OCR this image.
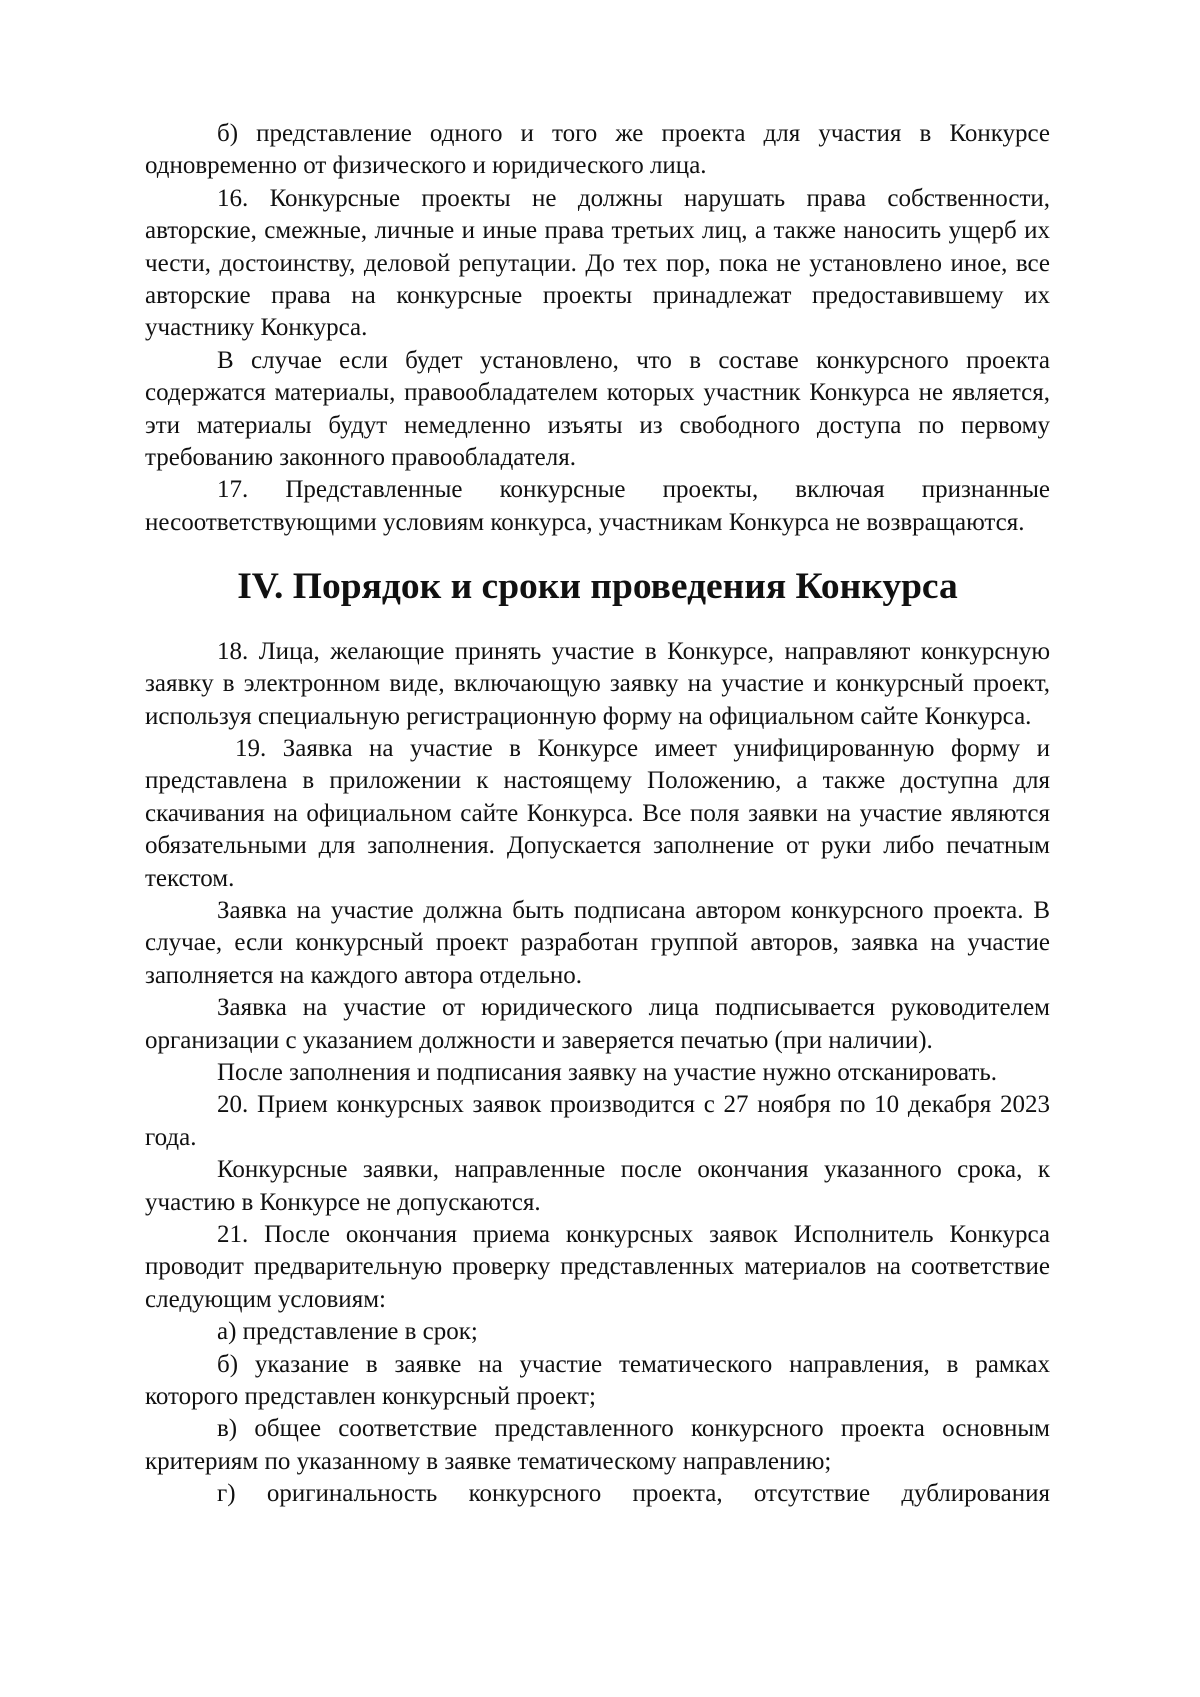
б) представление одного и того же проекта для участия в Конкурсе одновременно от физического и юридического лица.

16. Конкурсные проекты не должны нарушать права собственности, авторские, смежные, личные и иные права третьих лиц, а также наносить ущерб их чести, достоинству, деловой репутации. До тех пор, пока не установлено иное, все авторские права на конкурсные проекты принадлежат предоставившему их участнику Конкурса.

В случае если будет установлено, что в составе конкурсного проекта содержатся материалы, правообладателем которых участник Конкурса не является, эти материалы будут немедленно изъяты из свободного доступа по первому требованию законного правообладателя.

17. Представленные конкурсные проекты, включая признанные несоответствующими условиям конкурса, участникам Конкурса не возвращаются.

IV. Порядок и сроки проведения Конкурса

18. Лица, желающие принять участие в Конкурсе, направляют конкурсную заявку в электронном виде, включающую заявку на участие и конкурсный проект, используя специальную регистрационную форму на официальном сайте Конкурса.

19. Заявка на участие в Конкурсе имеет унифицированную форму и представлена в приложении к настоящему Положению, а также доступна для скачивания на официальном сайте Конкурса. Все поля заявки на участие являются обязательными для заполнения. Допускается заполнение от руки либо печатным текстом.

Заявка на участие должна быть подписана автором конкурсного проекта. В случае, если конкурсный проект разработан группой авторов, заявка на участие заполняется на каждого автора отдельно.

Заявка на участие от юридического лица подписывается руководителем организации с указанием должности и заверяется печатью (при наличии).

После заполнения и подписания заявку на участие нужно отсканировать.

20. Прием конкурсных заявок производится с 27 ноября по 10 декабря 2023 года.

Конкурсные заявки, направленные после окончания указанного срока, к участию в Конкурсе не допускаются.

21. После окончания приема конкурсных заявок Исполнитель Конкурса проводит предварительную проверку представленных материалов на соответствие следующим условиям:

а) представление в срок;

б) указание в заявке на участие тематического направления, в рамках которого представлен конкурсный проект;

в) общее соответствие представленного конкурсного проекта основным критериям по указанному в заявке тематическому направлению;

г) оригинальность конкурсного проекта, отсутствие дублирования
